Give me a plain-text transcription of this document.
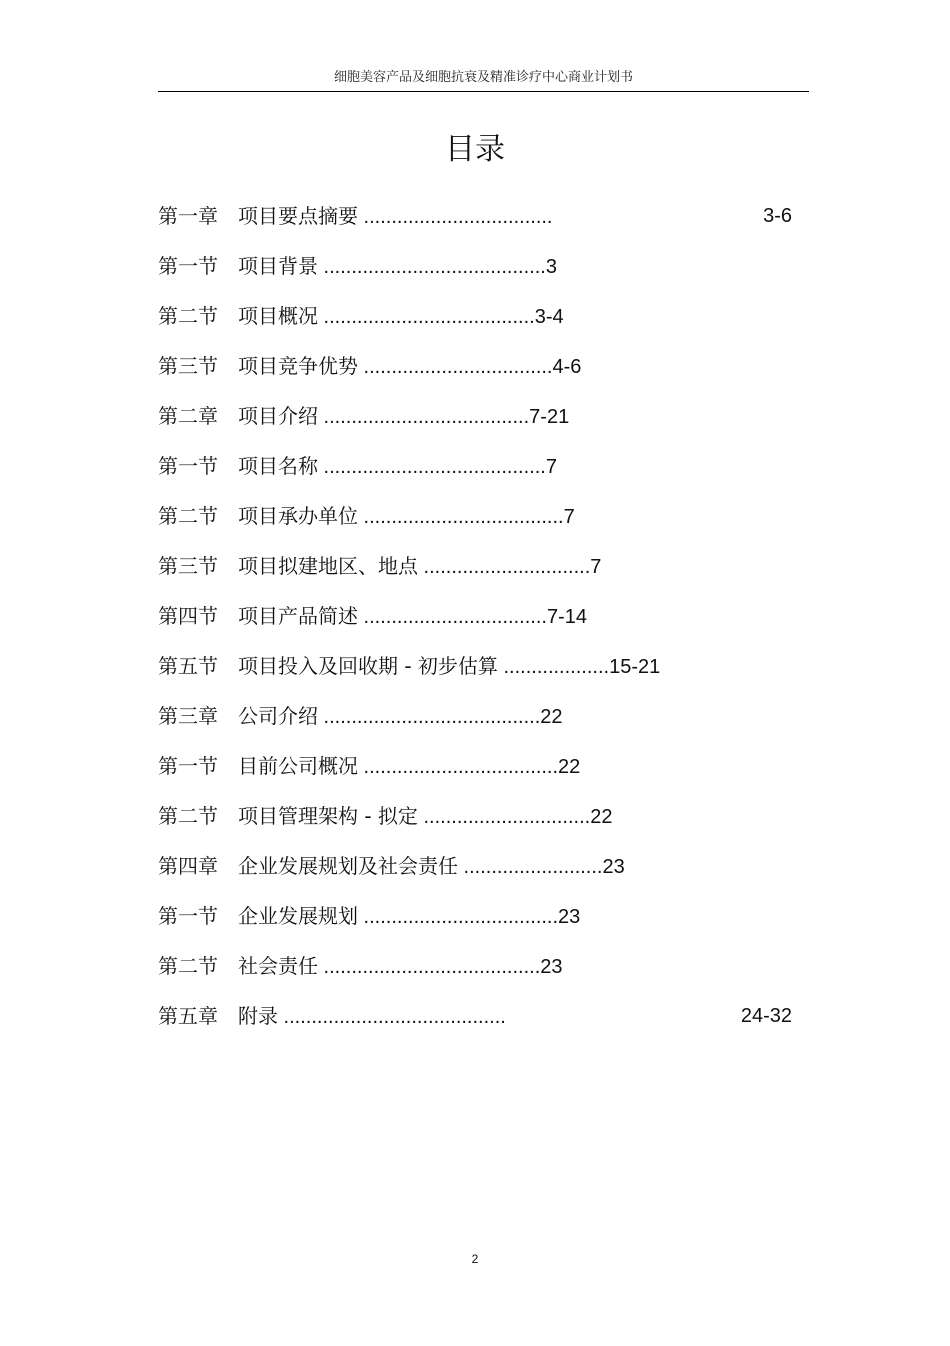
细胞美容产品及细胞抗衰及精准诊疗中心商业计划书
目录
第一章 项目要点摘要 ..................................	3-6
第一节 项目背景 ........................................3
第二节 项目概况 ......................................3-4
第三节 项目竞争优势 ..................................4-6
第二章 项目介绍 .....................................7-21
第一节 项目名称 ........................................7
第二节 项目承办单位 ....................................7
第三节 项目拟建地区、地点 ..............................7
第四节 项目产品简述 .................................7-14
第五节 项目投入及回收期 - 初步估算 ...................15-21
第三章 公司介绍 .......................................22
第一节 目前公司概况 ...................................22
第二节 项目管理架构 - 拟定 ..............................22
第四章 企业发展规划及社会责任 .........................23
第一节 企业发展规划 ...................................23
第二节 社会责任 .......................................23
第五章 附录 ........................................	24-32
2
